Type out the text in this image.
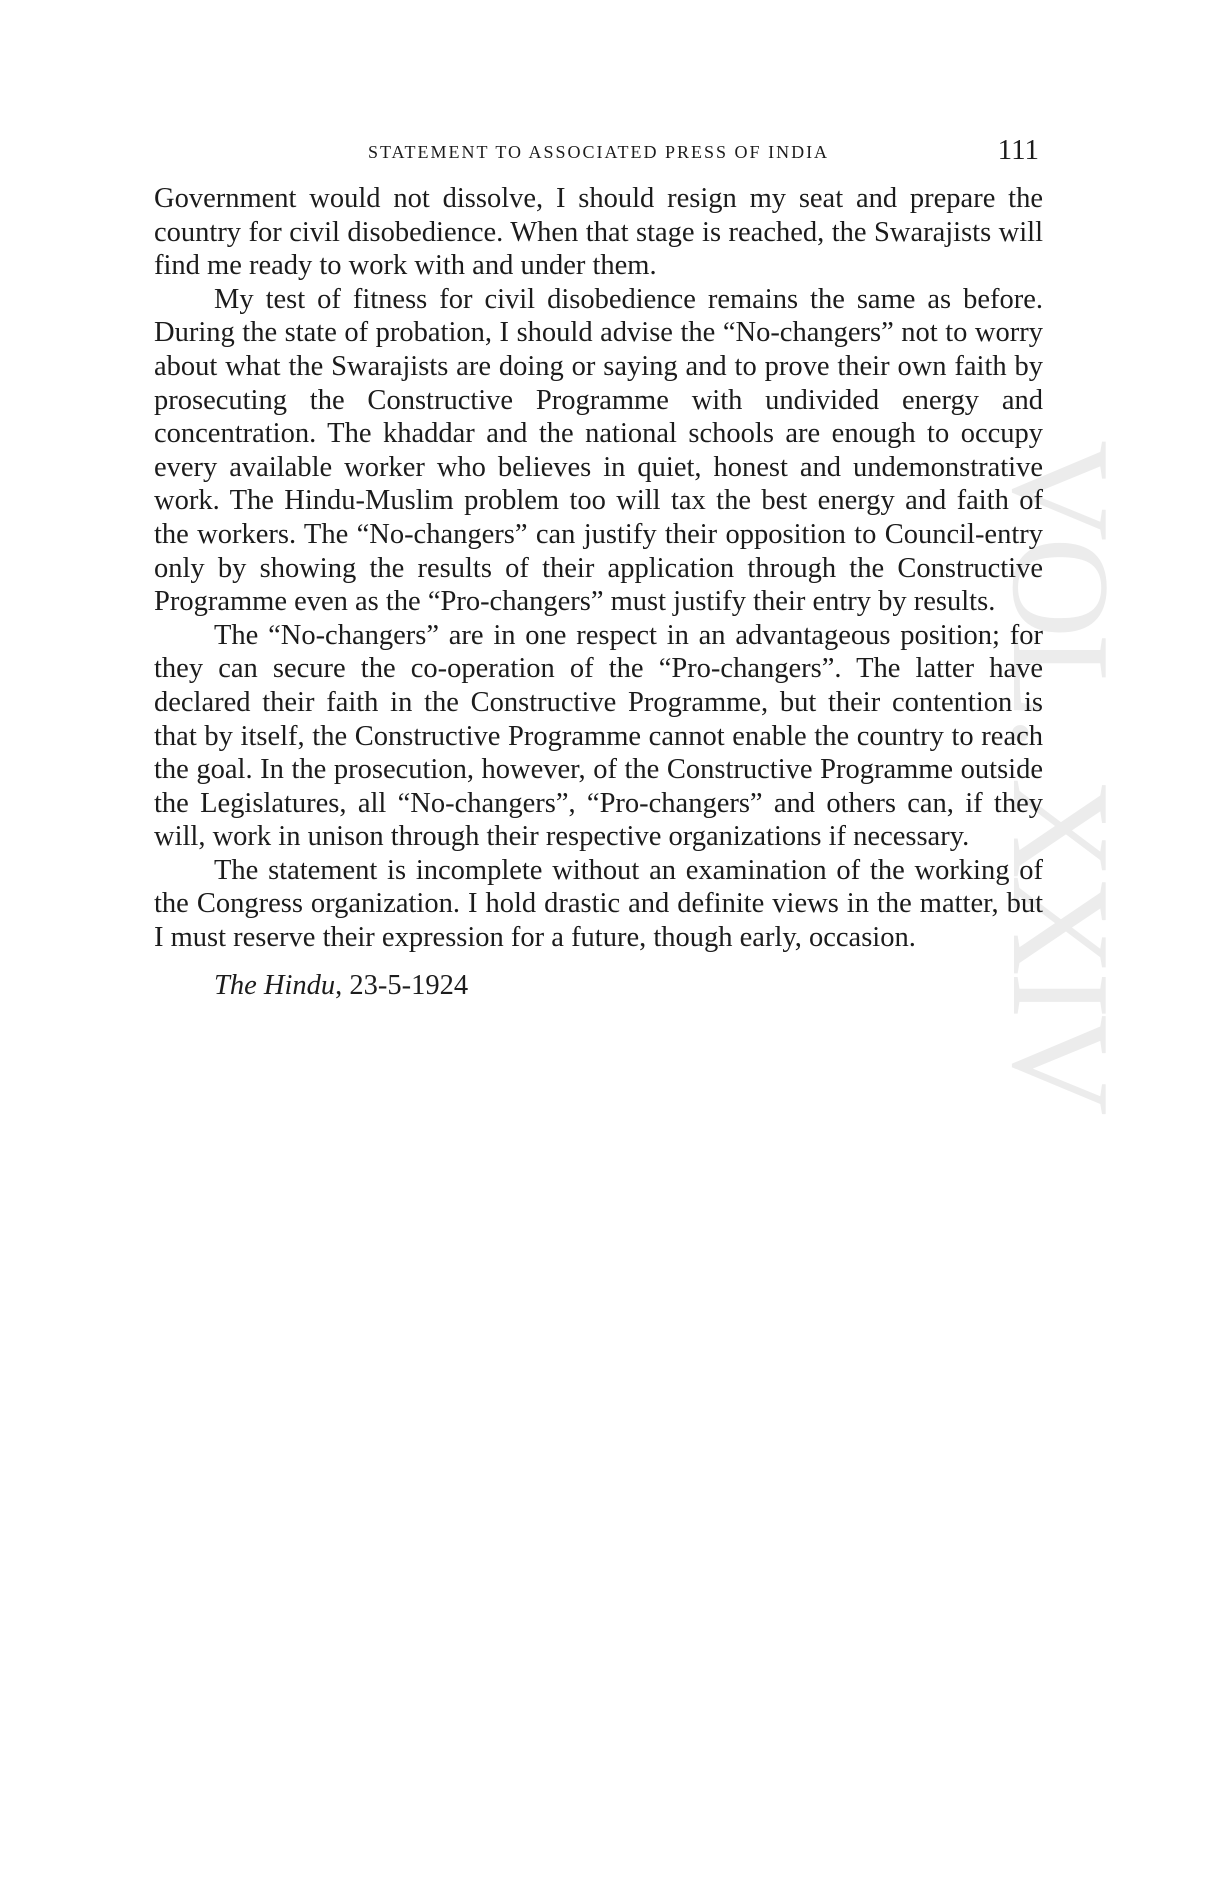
VOL. XXIV
STATEMENT TO ASSOCIATED PRESS OF INDIA	111

Government would not dissolve, I should resign my seat and prepare the country for civil disobedience. When that stage is reached, the Swarajists will find me ready to work with and under them.

My test of fitness for civil disobedience remains the same as before. During the state of probation, I should advise the “No-changers” not to worry about what the Swarajists are doing or saying and to prove their own faith by prosecuting the Constructive Programme with undivided energy and concentration. The khaddar and the national schools are enough to occupy every available worker who believes in quiet, honest and undemonstrative work. The Hindu-Muslim problem too will tax the best energy and faith of the workers. The “No-changers” can justify their opposition to Council-entry only by showing the results of their application through the Constructive Programme even as the “Pro-changers” must justify their entry by results.

The “No-changers” are in one respect in an advantageous position; for they can secure the co-operation of the “Pro-changers”. The latter have declared their faith in the Constructive Programme, but their contention is that by itself, the Constructive Programme cannot enable the country to reach the goal. In the prosecution, however, of the Constructive Programme outside the Legislatures, all “No-changers”, “Pro-changers” and others can, if they will, work in unison through their respective organizations if necessary.

The statement is incomplete without an examination of the working of the Congress organization. I hold drastic and definite views in the matter, but I must reserve their expression for a future, though early, occasion.

The Hindu, 23-5-1924
